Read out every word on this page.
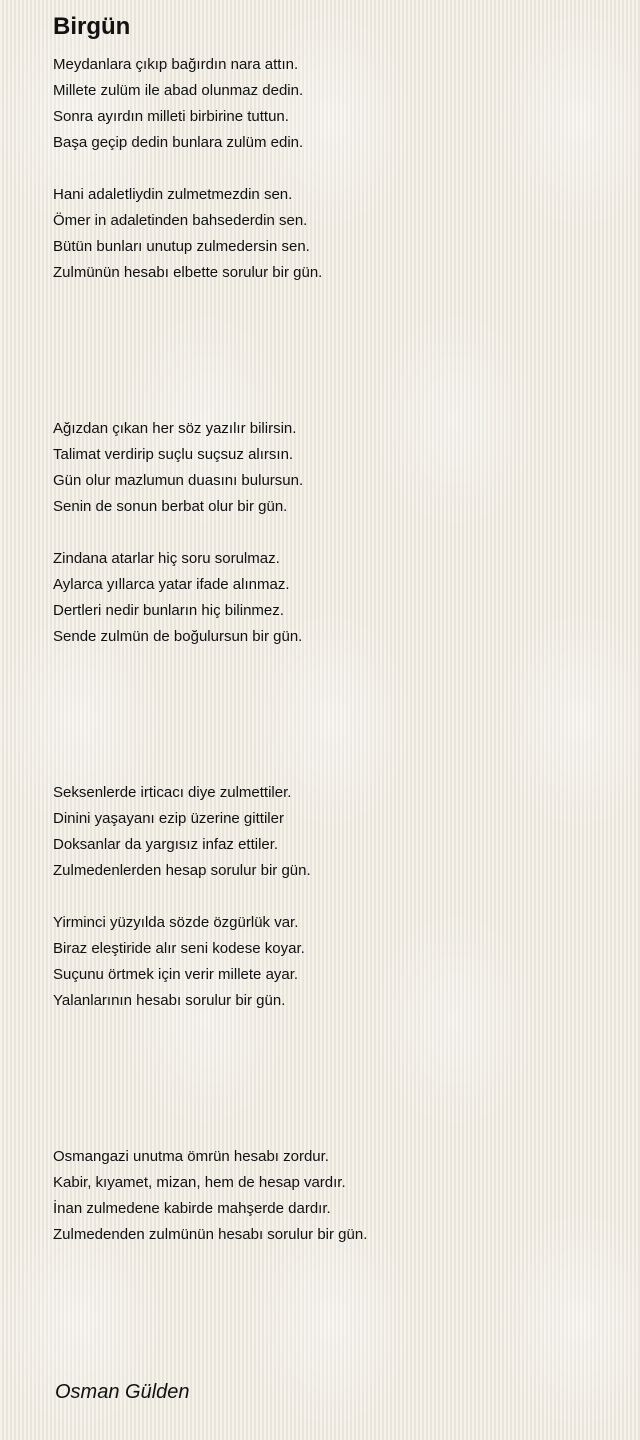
Birgün
Meydanlara çıkıp bağırdın nara attın.
Millete zulüm ile abad olunmaz dedin.
Sonra ayırdın milleti birbirine tuttun.
Başa geçip dedin bunlara zulüm edin.
Hani adaletliydin zulmetmezdin sen.
Ömer in adaletinden bahsederdin sen.
Bütün bunları unutup zulmedersin sen.
Zulmünün hesabı elbette sorulur bir gün.
Ağızdan çıkan her söz yazılır bilirsin.
Talimat verdirip suçlu suçsuz alırsın.
Gün olur mazlumun duasını bulursun.
Senin de sonun berbat olur bir gün.
Zindana atarlar hiç soru sorulmaz.
Aylarca yıllarca yatar ifade alınmaz.
Dertleri nedir bunların hiç bilinmez.
Sende zulmün de boğulursun bir gün.
Seksenlerde irticacı diye zulmettiler.
Dinini yaşayanı ezip üzerine gittiler
Doksanlar da yargısız infaz ettiler.
Zulmedenlerden hesap sorulur bir gün.
Yirminci yüzyılda sözde özgürlük var.
Biraz eleştiride alır seni kodese koyar.
Suçunu örtmek için verir millete ayar.
Yalanlarının hesabı sorulur bir gün.
Osmangazi unutma ömrün hesabı zordur.
Kabir, kıyamet, mizan, hem de hesap vardır.
İnan zulmedene kabirde mahşerde dardır.
Zulmedenden zulmünün hesabı sorulur bir gün.
Osman Gülden
